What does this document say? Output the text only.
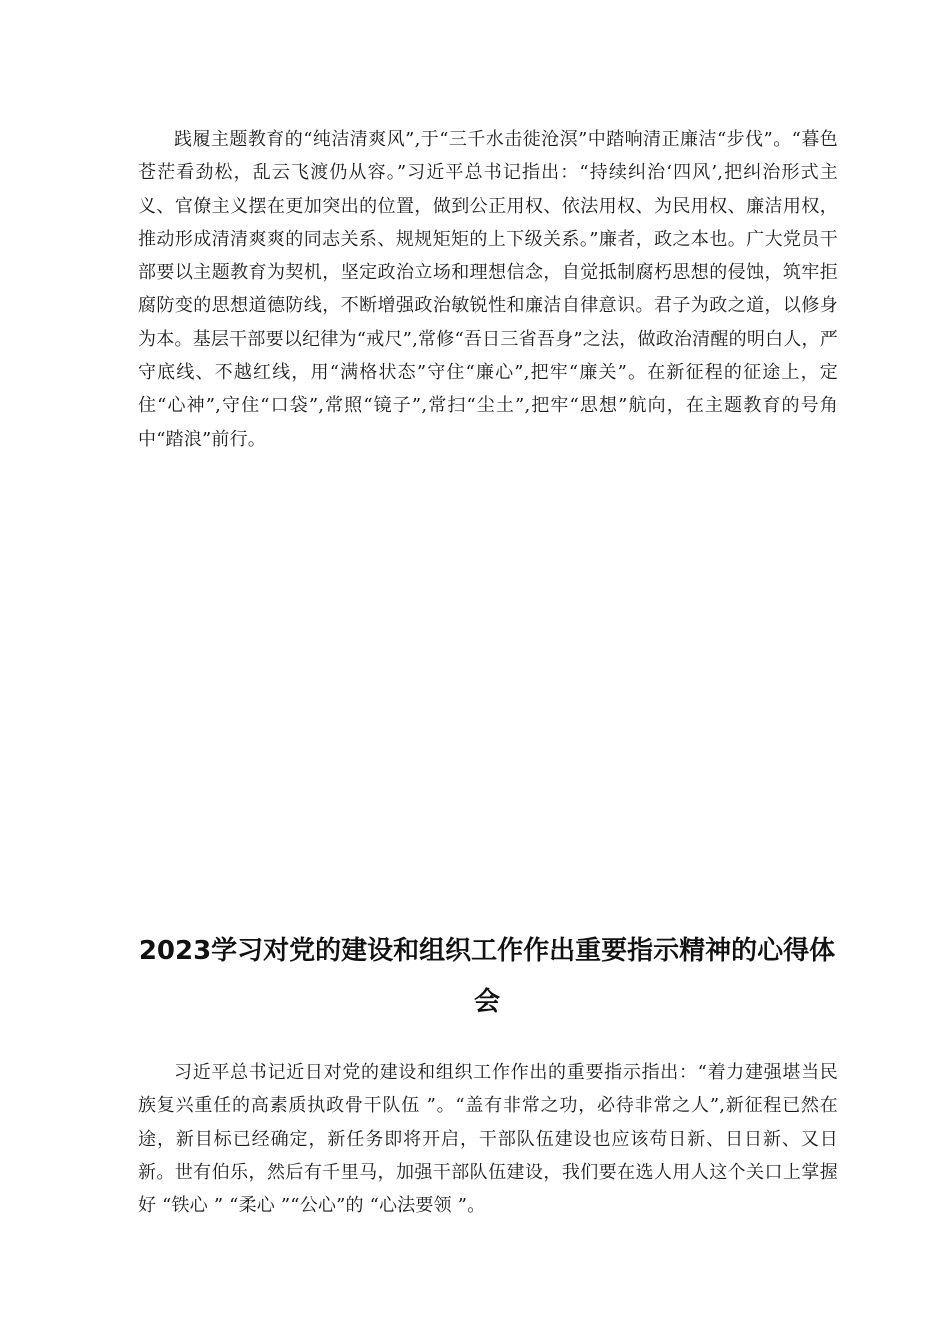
践履主题教育的“纯洁清爽风”,于“三千水击徙沧溟”中踏响清正廉洁“步伐”。“暮色苍茫看劲松，乱云飞渡仍从容。”习近平总书记指出：“持续纠治‘四风’,把纠治形式主义、官僚主义摆在更加突出的位置，做到公正用权、依法用权、为民用权、廉洁用权，推动形成清清爽爽的同志关系、规规矩矩的上下级关系。”廉者，政之本也。广大党员干部要以主题教育为契机，坚定政治立场和理想信念，自觉抵制腐朽思想的侵蚀，筑牢拒腐防变的思想道德防线，不断增强政治敏锐性和廉洁自律意识。君子为政之道，以修身为本。基层干部要以纪律为“戒尺”,常修“吾日三省吾身”之法，做政治清醒的明白人，严守底线、不越红线，用“满格状态”守住“廉心”,把牢“廉关”。在新征程的征途上，定住“心神”,守住“口袋”,常照“镜子”,常扫“尘土”,把牢“思想”航向，在主题教育的号角中“踏浪”前行。

2023学习对党的建设和组织工作作出重要指示精神的心得体会

习近平总书记近日对党的建设和组织工作作出的重要指示指出：“着力建强堪当民族复兴重任的高素质执政骨干队伍 ”。“盖有非常之功，必待非常之人”,新征程已然在途，新目标已经确定，新任务即将开启，干部队伍建设也应该苟日新、日日新、又日新。世有伯乐，然后有千里马，加强干部队伍建设，我们要在选人用人这个关口上掌握好 “铁心 ” “柔心 ”“公心”的 “心法要领 ”。
